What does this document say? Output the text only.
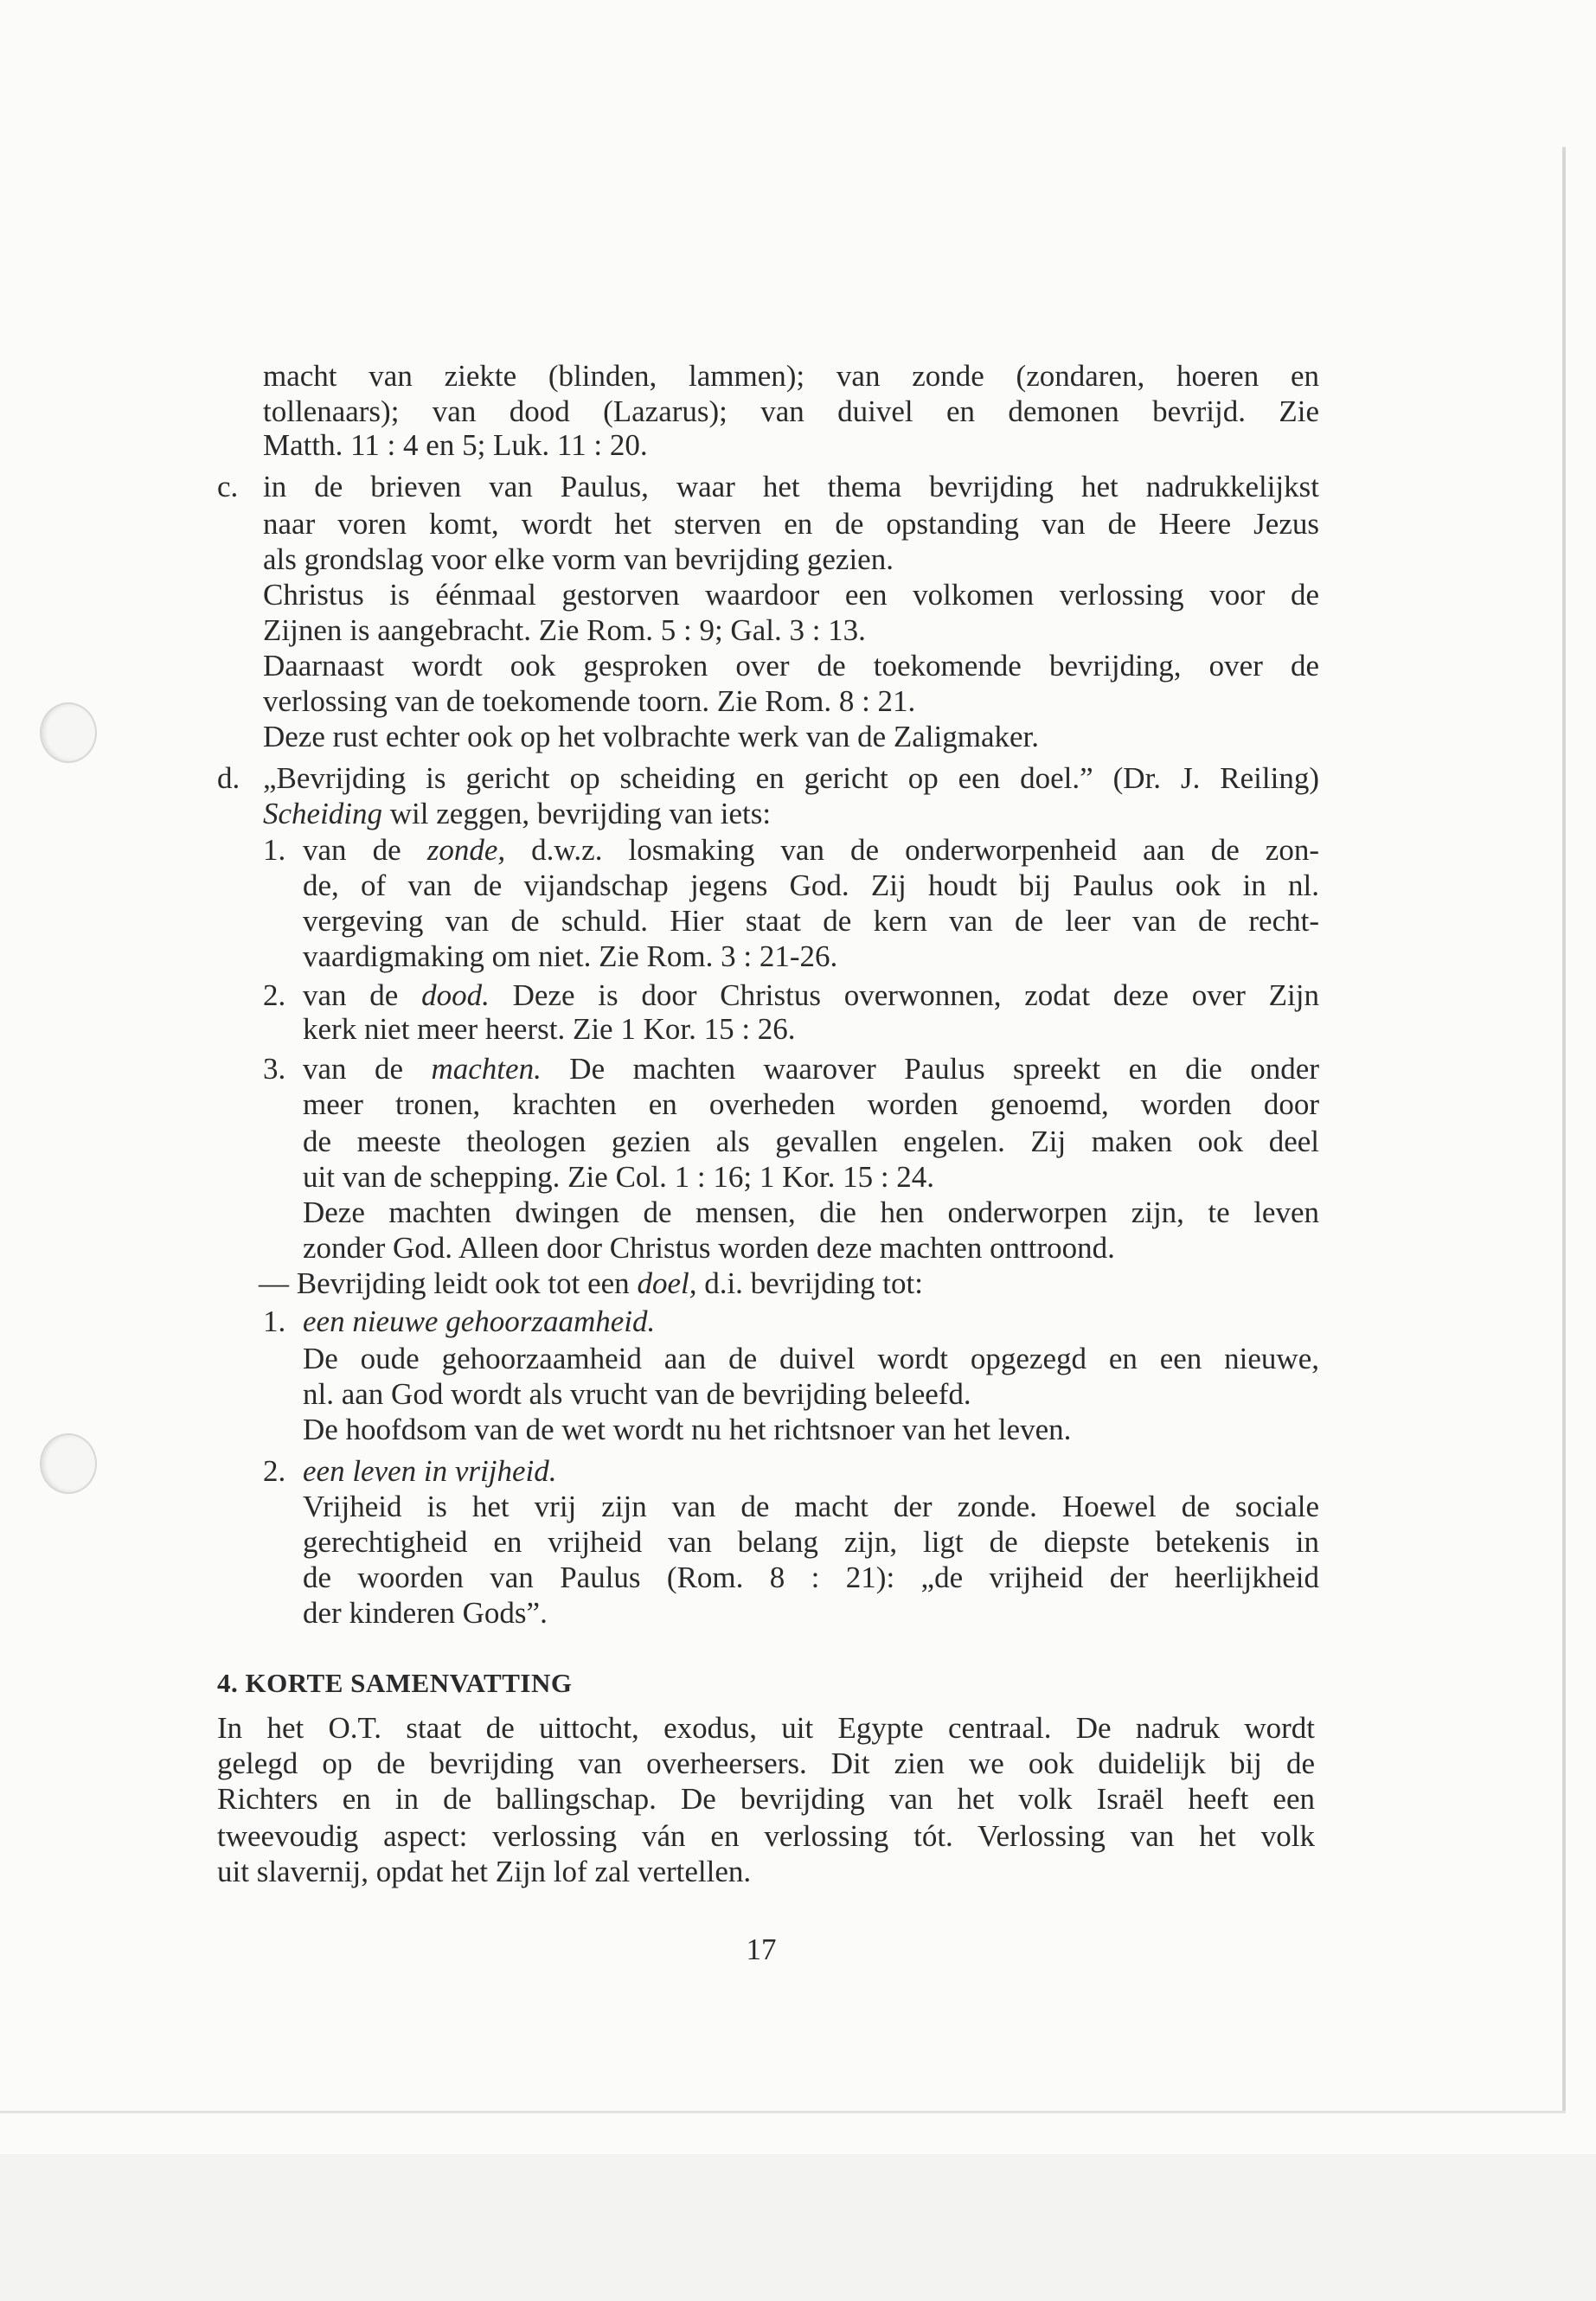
macht van ziekte (blinden, lammen); van zonde (zondaren, hoeren en
tollenaars); van dood (Lazarus); van duivel en demonen bevrijd. Zie
Matth. 11 : 4 en 5; Luk. 11 : 20.
c. in de brieven van Paulus, waar het thema bevrijding het nadrukkelijkst
naar voren komt, wordt het sterven en de opstanding van de Heere Jezus
als grondslag voor elke vorm van bevrijding gezien.
Christus is éénmaal gestorven waardoor een volkomen verlossing voor de
Zijnen is aangebracht. Zie Rom. 5 : 9; Gal. 3 : 13.
Daarnaast wordt ook gesproken over de toekomende bevrijding, over de
verlossing van de toekomende toorn. Zie Rom. 8 : 21.
Deze rust echter ook op het volbrachte werk van de Zaligmaker.
d. „Bevrijding is gericht op scheiding en gericht op een doel.” (Dr. J. Reiling)
Scheiding wil zeggen, bevrijding van iets:
1. van de zonde, d.w.z. losmaking van de onderworpenheid aan de zon-
de, of van de vijandschap jegens God. Zij houdt bij Paulus ook in nl.
vergeving van de schuld. Hier staat de kern van de leer van de recht-
vaardigmaking om niet. Zie Rom. 3 : 21-26.
2. van de dood. Deze is door Christus overwonnen, zodat deze over Zijn
kerk niet meer heerst. Zie 1 Kor. 15 : 26.
3. van de machten. De machten waarover Paulus spreekt en die onder
meer tronen, krachten en overheden worden genoemd, worden door
de meeste theologen gezien als gevallen engelen. Zij maken ook deel
uit van de schepping. Zie Col. 1 : 16; 1 Kor. 15 : 24.
Deze machten dwingen de mensen, die hen onderworpen zijn, te leven
zonder God. Alleen door Christus worden deze machten onttroond.
— Bevrijding leidt ook tot een doel, d.i. bevrijding tot:
1. een nieuwe gehoorzaamheid.
De oude gehoorzaamheid aan de duivel wordt opgezegd en een nieuwe,
nl. aan God wordt als vrucht van de bevrijding beleefd.
De hoofdsom van de wet wordt nu het richtsnoer van het leven.
2. een leven in vrijheid.
Vrijheid is het vrij zijn van de macht der zonde. Hoewel de sociale
gerechtigheid en vrijheid van belang zijn, ligt de diepste betekenis in
de woorden van Paulus (Rom. 8 : 21): „de vrijheid der heerlijkheid
der kinderen Gods”.
4. KORTE SAMENVATTING
In het O.T. staat de uittocht, exodus, uit Egypte centraal. De nadruk wordt
gelegd op de bevrijding van overheersers. Dit zien we ook duidelijk bij de
Richters en in de ballingschap. De bevrijding van het volk Israël heeft een
tweevoudig aspect: verlossing ván en verlossing tót. Verlossing van het volk
uit slavernij, opdat het Zijn lof zal vertellen.
17
